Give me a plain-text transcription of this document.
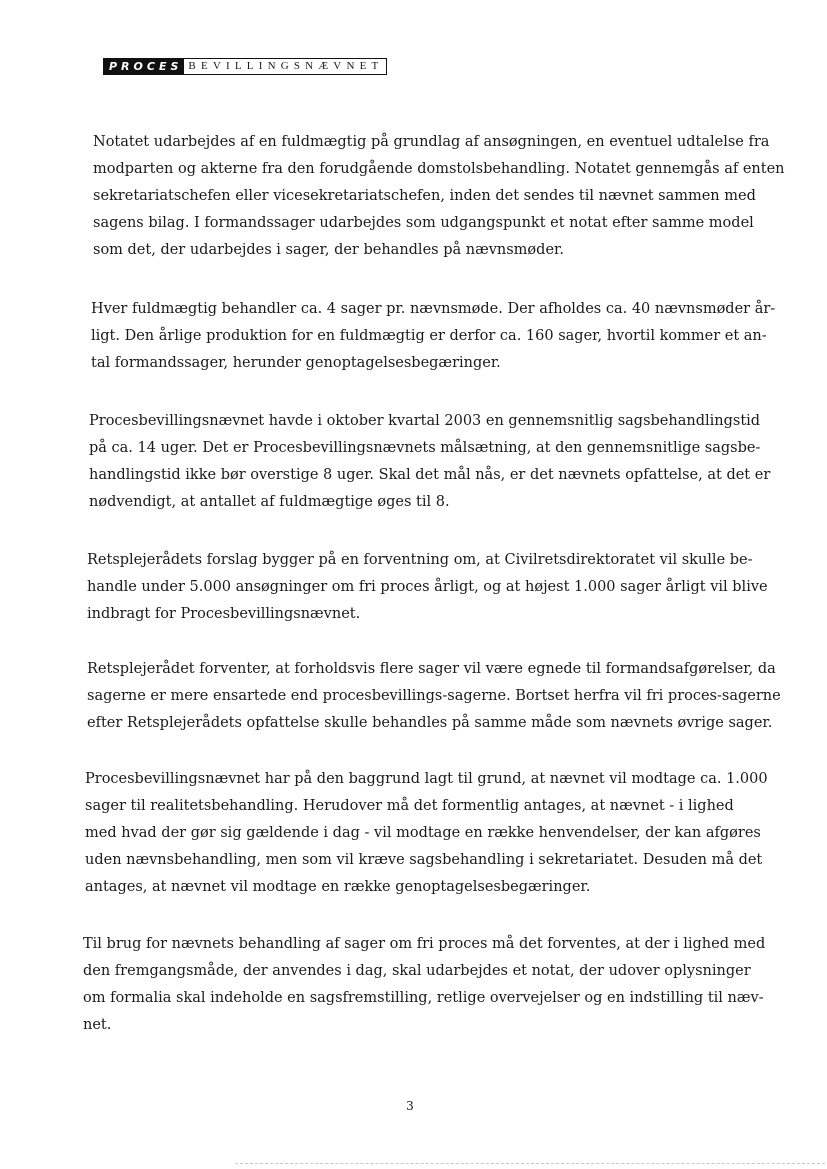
PROCES BEVILLINGSNÆVNET

Notatet udarbejdes af en fuldmægtig på grundlag af ansøgningen, en eventuel udtalelse fra
modparten og akterne fra den forudgående domstolsbehandling. Notatet gennemgås af enten
sekretariatschefen eller vicesekretariatschefen, inden det sendes til nævnet sammen med
sagens bilag. I formandssager udarbejdes som udgangspunkt et notat efter samme model
som det, der udarbejdes i sager, der behandles på nævnsmøder.

Hver fuldmægtig behandler ca. 4 sager pr. nævnsmøde. Der afholdes ca. 40 nævnsmøder år-
ligt. Den årlige produktion for en fuldmægtig er derfor ca. 160 sager, hvortil kommer et an-
tal formandssager, herunder genoptagelsesbegæringer.

Procesbevillingsnævnet havde i oktober kvartal 2003 en gennemsnitlig sagsbehandlingstid
på ca. 14 uger. Det er Procesbevillingsnævnets målsætning, at den gennemsnitlige sagsbe-
handlingstid ikke bør overstige 8 uger. Skal det mål nås, er det nævnets opfattelse, at det er
nødvendigt, at antallet af fuldmægtige øges til 8.

Retsplejerådets forslag bygger på en forventning om, at Civilretsdirektoratet vil skulle be-
handle under 5.000 ansøgninger om fri proces årligt, og at højest 1.000 sager årligt vil blive
indbragt for Procesbevillingsnævnet.

Retsplejerådet forventer, at forholdsvis flere sager vil være egnede til formandsafgørelser, da
sagerne er mere ensartede end procesbevillings-sagerne. Bortset herfra vil fri proces-sagerne
efter Retsplejerådets opfattelse skulle behandles på samme måde som nævnets øvrige sager.

Procesbevillingsnævnet har på den baggrund lagt til grund, at nævnet vil modtage ca. 1.000
sager til realitetsbehandling. Herudover må det formentlig antages, at nævnet - i lighed
med hvad der gør sig gældende i dag - vil modtage en række henvendelser, der kan afgøres
uden nævnsbehandling, men som vil kræve sagsbehandling i sekretariatet. Desuden må det
antages, at nævnet vil modtage en række genoptagelsesbegæringer.

Til brug for nævnets behandling af sager om fri proces må det forventes, at der i lighed med
den fremgangsmåde, der anvendes i dag, skal udarbejdes et notat, der udover oplysninger
om formalia skal indeholde en sagsfremstilling, retlige overvejelser og en indstilling til næv-
net.

3
